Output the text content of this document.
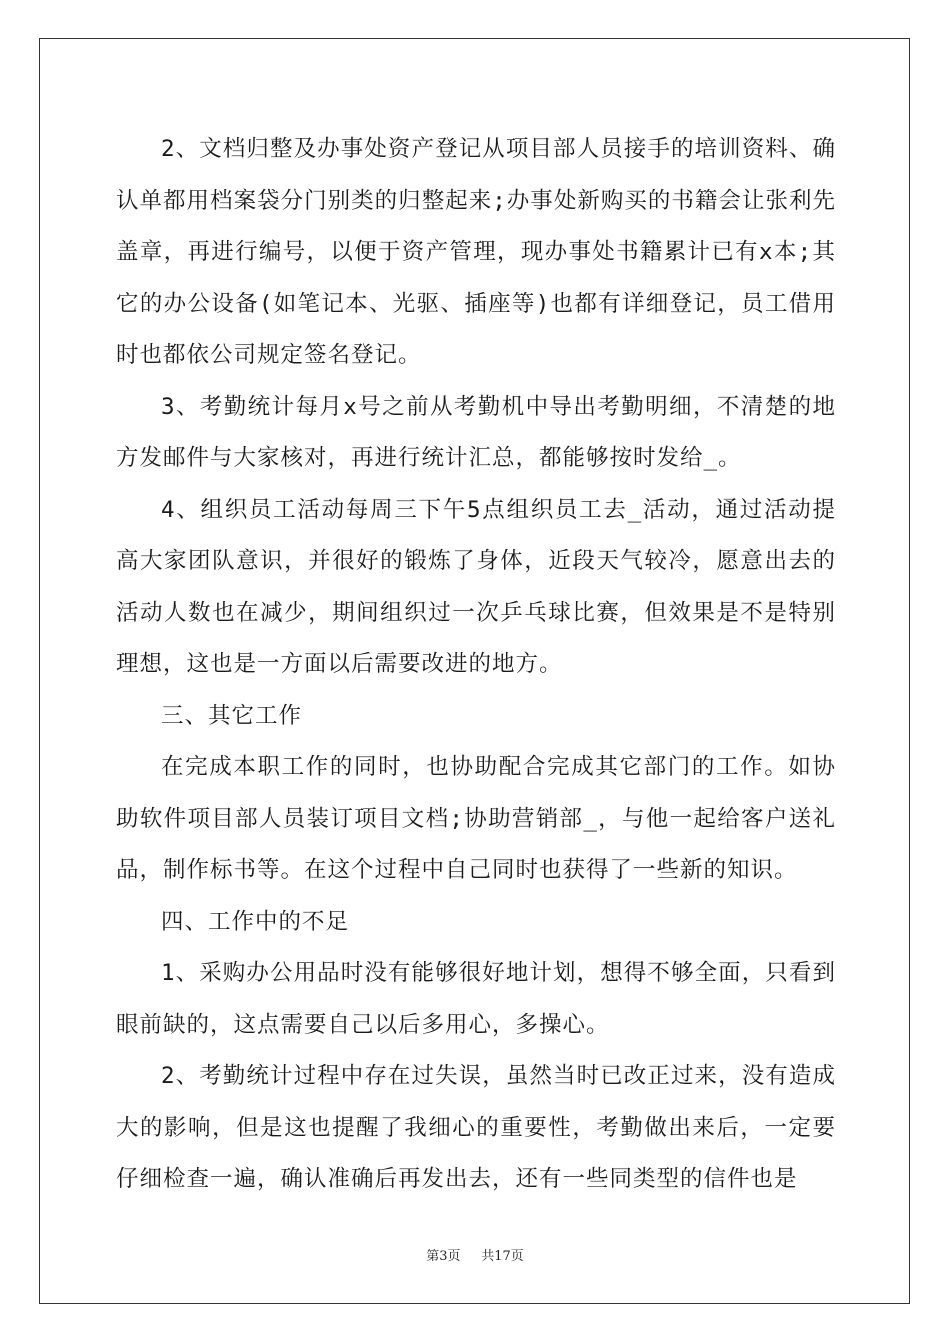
2、文档归整及办事处资产登记从项目部人员接手的培训资料、确认单都用档案袋分门别类的归整起来;办事处新购买的书籍会让张利先盖章，再进行编号，以便于资产管理，现办事处书籍累计已有x本;其它的办公设备(如笔记本、光驱、插座等)也都有详细登记，员工借用时也都依公司规定签名登记。

3、考勤统计每月x号之前从考勤机中导出考勤明细，不清楚的地方发邮件与大家核对，再进行统计汇总，都能够按时发给_。

4、组织员工活动每周三下午5点组织员工去_活动，通过活动提高大家团队意识，并很好的锻炼了身体，近段天气较冷，愿意出去的活动人数也在减少，期间组织过一次乒乓球比赛，但效果是不是特别理想，这也是一方面以后需要改进的地方。

三、其它工作

在完成本职工作的同时，也协助配合完成其它部门的工作。如协助软件项目部人员装订项目文档;协助营销部_，与他一起给客户送礼品，制作标书等。在这个过程中自己同时也获得了一些新的知识。

四、工作中的不足

1、采购办公用品时没有能够很好地计划，想得不够全面，只看到眼前缺的，这点需要自己以后多用心，多操心。

2、考勤统计过程中存在过失误，虽然当时已改正过来，没有造成大的影响，但是这也提醒了我细心的重要性，考勤做出来后，一定要仔细检查一遍，确认准确后再发出去，还有一些同类型的信件也是

第3页 共17页
